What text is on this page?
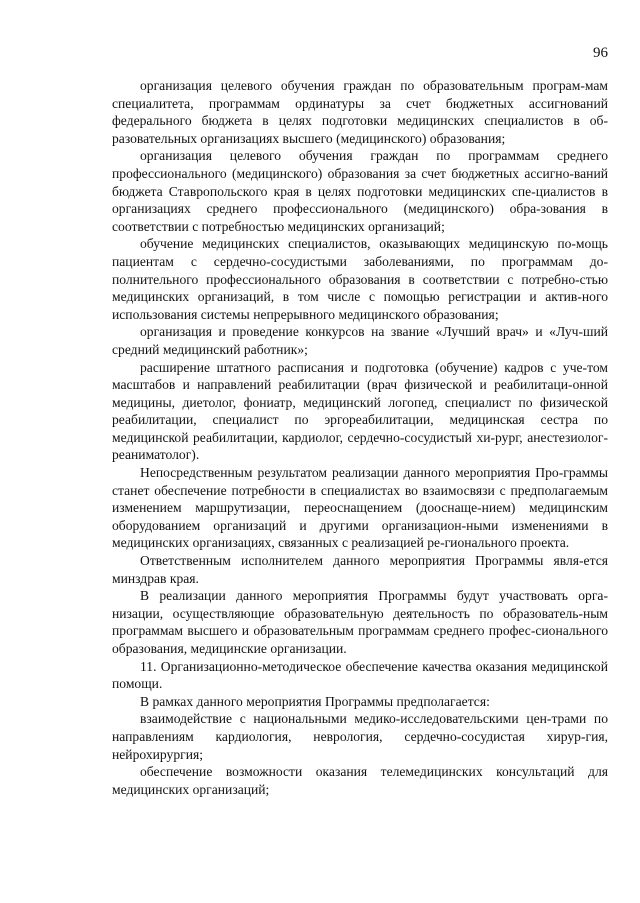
96

организация целевого обучения граждан по образовательным програм-мам специалитета, программам ординатуры за счет бюджетных ассигнований федерального бюджета в целях подготовки медицинских специалистов в об-разовательных организациях высшего (медицинского) образования;

организация целевого обучения граждан по программам среднего профессионального (медицинского) образования за счет бюджетных ассигно-ваний бюджета Ставропольского края в целях подготовки медицинских спе-циалистов в организациях среднего профессионального (медицинского) обра-зования в соответствии с потребностью медицинских организаций;

обучение медицинских специалистов, оказывающих медицинскую по-мощь пациентам с сердечно-сосудистыми заболеваниями, по программам до-полнительного профессионального образования в соответствии с потребно-стью медицинских организаций, в том числе с помощью регистрации и актив-ного использования системы непрерывного медицинского образования;

организация и проведение конкурсов на звание «Лучший врач» и «Луч-ший средний медицинский работник»;

расширение штатного расписания и подготовка (обучение) кадров с уче-том масштабов и направлений реабилитации (врач физической и реабилитаци-онной медицины, диетолог, фониатр, медицинский логопед, специалист по физической реабилитации, специалист по эргореабилитации, медицинская сестра по медицинской реабилитации, кардиолог, сердечно-сосудистый хи-рург, анестезиолог-реаниматолог).

Непосредственным результатом реализации данного мероприятия Про-граммы станет обеспечение потребности в специалистах во взаимосвязи с предполагаемым изменением маршрутизации, переоснащением (дооснаще-нием) медицинским оборудованием организаций и другими организацион-ными изменениями в медицинских организациях, связанных с реализацией ре-гионального проекта.

Ответственным исполнителем данного мероприятия Программы явля-ется минздрав края.

В реализации данного мероприятия Программы будут участвовать орга-низации, осуществляющие образовательную деятельность по образователь-ным программам высшего и образовательным программам среднего профес-сионального образования, медицинские организации.

11. Организационно-методическое обеспечение качества оказания медицинской помощи.

В рамках данного мероприятия Программы предполагается:

взаимодействие с национальными медико-исследовательскими цен-трами по направлениям кардиология, неврология, сердечно-сосудистая хирур-гия, нейрохирургия;

обеспечение возможности оказания телемедицинских консультаций для медицинских организаций;
